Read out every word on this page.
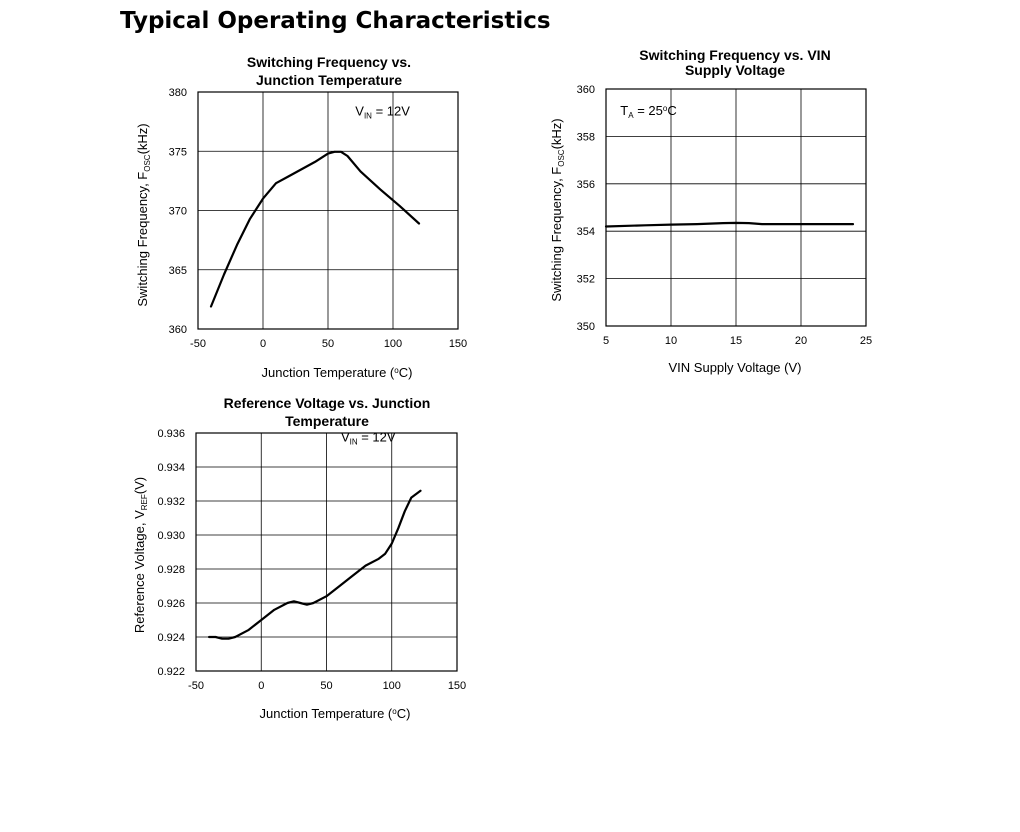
Typical Operating Characteristics
Switching Frequency vs.
Junction Temperature
-50	0	50	100	150
360
365
370
375
380
Junction Temperature ($^o$C)
Switching Frequency, $F_{OSC}(kHz)$
$V_{IN} = 12V$
Switching Frequency vs. VIN
Supply Voltage
5	10	15	20	25
350
352
354
356
358
360
VIN Supply Voltage (V)
Switching Frequency, $F_{OSC}(kHz)$
$T_A = 25^oC$
Reference Voltage vs. Junction
Temperature
-50	0	50	100	150
0.922
0.924
0.926
0.928
0.930
0.932
0.934
0.936
Junction Temperature ($^o$C)
Reference Voltage, $V_{REF}(V)$
$V_{IN} = 12V$
